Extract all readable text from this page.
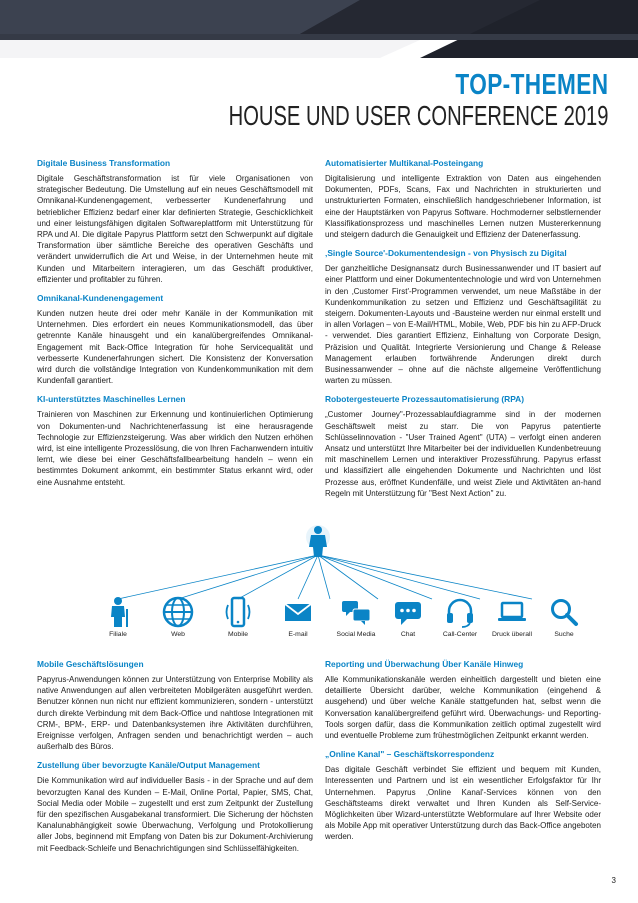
TOP-THEMEN
HOUSE UND USER CONFERENCE 2019
Digitale Business Transformation

Digitale Geschäftstransformation ist für viele Organisationen von strategischer Bedeutung. Die Umstellung auf ein neues Geschäftsmodell mit Omnikanal-Kundenengagement, verbesserter Kundenerfahrung und betrieblicher Effizienz bedarf einer klar definierten Strategie, Geschicklichkeit und einer leistungsfähigen digitalen Softwareplattform mit Unterstützung für RPA und AI. Die digitale Papyrus Plattform setzt den Schwerpunkt auf digitale Transformation über sämtliche Bereiche des operativen Geschäfts und verändert unwiderruflich die Art und Weise, in der Unternehmen heute mit Kunden und Mitarbeitern interagieren, um das Geschäft produktiver, effizienter und profitabler zu führen.

Omnikanal-Kundenengagement

Kunden nutzen heute drei oder mehr Kanäle in der Kommunikation mit Unternehmen. Dies erfordert ein neues Kommunikationsmodell, das über getrennte Kanäle hinausgeht und ein kanalübergreifendes Omnikanal-Engagement mit Back-Office Integration für hohe Servicequalität und verbesserte Kundenerfahrungen sichert. Die Konsistenz der Konversation wird durch die vollständige Integration von Kundenkommunikation mit dem Kundenfall garantiert.

KI-unterstütztes Maschinelles Lernen

Trainieren von Maschinen zur Erkennung und kontinuierlichen Optimierung von Dokumenten-und Nachrichtenerfassung ist eine herausragende Technologie zur Effizienzsteigerung. Was aber wirklich den Nutzen erhöhen wird, ist eine intelligente Prozesslösung, die von Ihren Fachanwendern intuitiv lernt, wie diese bei einer Geschäftsfallbearbeitung handeln – wenn ein bestimmtes Dokument ankommt, ein bestimmter Status erkannt wird, oder eine Ausnahme entsteht.

Automatisierter Multikanal-Posteingang

Digitalisierung und intelligente Extraktion von Daten aus eingehenden Dokumenten, PDFs, Scans, Fax und Nachrichten in strukturierten und unstrukturierten Formaten, einschließlich handgeschriebener Information, ist eine der Hauptstärken von Papyrus Software. Hochmoderner selbstlernender Klassifikationsprozess und maschinelles Lernen nutzen Mustererkennung und steigern dadurch die Genauigkeit und Effizienz der Datenerfassung.

‚Single Source'-Dokumentendesign - von Physisch zu Digital

Der ganzheitliche Designansatz durch Businessanwender und IT basiert auf einer Plattform und einer Dokumententechnologie und wird von Unternehmen in den ‚Customer First'-Programmen verwendet, um neue Maßstäbe in der Kundenkommunikation zu setzen und Effizienz und Geschäftsagilität zu steigern. Dokumenten-Layouts und -Bausteine werden nur einmal erstellt und in allen Vorlagen – von E-Mail/HTML, Mobile, Web, PDF bis hin zu AFP-Druck - verwendet. Dies garantiert Effizienz, Einhaltung von Corporate Design, Präzision und Qualität. Integrierte Versionierung und Change & Release Management erlauben fortwährende Änderungen direkt durch Businessanwender – ohne auf die nächste allgemeine Veröffentlichung warten zu müssen.

Robotergesteuerte Prozessautomatisierung (RPA)

„Customer Journey"-Prozessablaufdiagramme sind in der modernen Geschäftswelt meist zu starr. Die von Papyrus patentierte Schlüsselinnovation - "User Trained Agent" (UTA) – verfolgt einen anderen Ansatz und unterstützt Ihre Mitarbeiter bei der individuellen Kundenbetreuung mit maschinellem Lernen und interaktiver Prozessführung. Papyrus erfasst und klassifiziert alle eingehenden Dokumente und Nachrichten und löst Prozesse aus, eröffnet Kundenfälle, und weist Ziele und Aktivitäten an-hand Regeln mit Unterstützung für "Best Next Action" zu.

Filiale	Web	Mobile	E-mail	Social Media	Chat	Call-Center	Druck überall	Suche
Mobile Geschäftslösungen

Papyrus-Anwendungen können zur Unterstützung von Enterprise Mobility als native Anwendungen auf allen verbreiteten Mobilgeräten ausgeführt werden. Benutzer können nun nicht nur effizient kommunizieren, sondern - unterstützt durch direkte Verbindung mit dem Back-Office und nahtlose Integrationen mit CRM-, BPM-, ERP- und Datenbanksystemen ihre Aktivitäten durchführen, Ereignisse verfolgen, Anfragen senden und benachrichtigt werden – auch außerhalb des Büros.

Zustellung über bevorzugte Kanäle/Output Management

Die Kommunikation wird auf individueller Basis - in der Sprache und auf dem bevorzugten Kanal des Kunden – E-Mail, Online Portal, Papier, SMS, Chat, Social Media oder Mobile – zugestellt und erst zum Zeitpunkt der Zustellung für den spezifischen Ausgabekanal transformiert. Die Sicherung der höchsten Kanalunabhängigkeit sowie Überwachung, Verfolgung und Protokollierung aller Jobs, beginnend mit Empfang von Daten bis zur Dokument-Archivierung mit Feedback-Schleife und Benachrichtigungen sind Schlüsselfähigkeiten.

Reporting und Überwachung Über Kanäle Hinweg

Alle Kommunikationskanäle werden einheitlich dargestellt und bieten eine detaillierte Übersicht darüber, welche Kommunikation (eingehend & ausgehend) und über welche Kanäle stattgefunden hat, selbst wenn die Konversation kanalübergreifend geführt wird. Überwachungs- und Reporting-Tools sorgen dafür, dass die Kommunikation zeitlich optimal zugestellt wird und eventuelle Probleme zum frühestmöglichen Zeitpunkt erkannt werden.

„Online Kanal" – Geschäftskorrespondenz

Das digitale Geschäft verbindet Sie effizient und bequem mit Kunden, Interessenten und Partnern und ist ein wesentlicher Erfolgsfaktor für Ihr Unternehmen. Papyrus ‚Online Kanal'-Services können von den Geschäftsteams direkt verwaltet und Ihren Kunden als Self-Service-Möglichkeiten über Wizard-unterstützte Webformulare auf Ihrer Website oder als Mobile App mit operativer Unterstützung durch das Back-Office angeboten werden.

3
